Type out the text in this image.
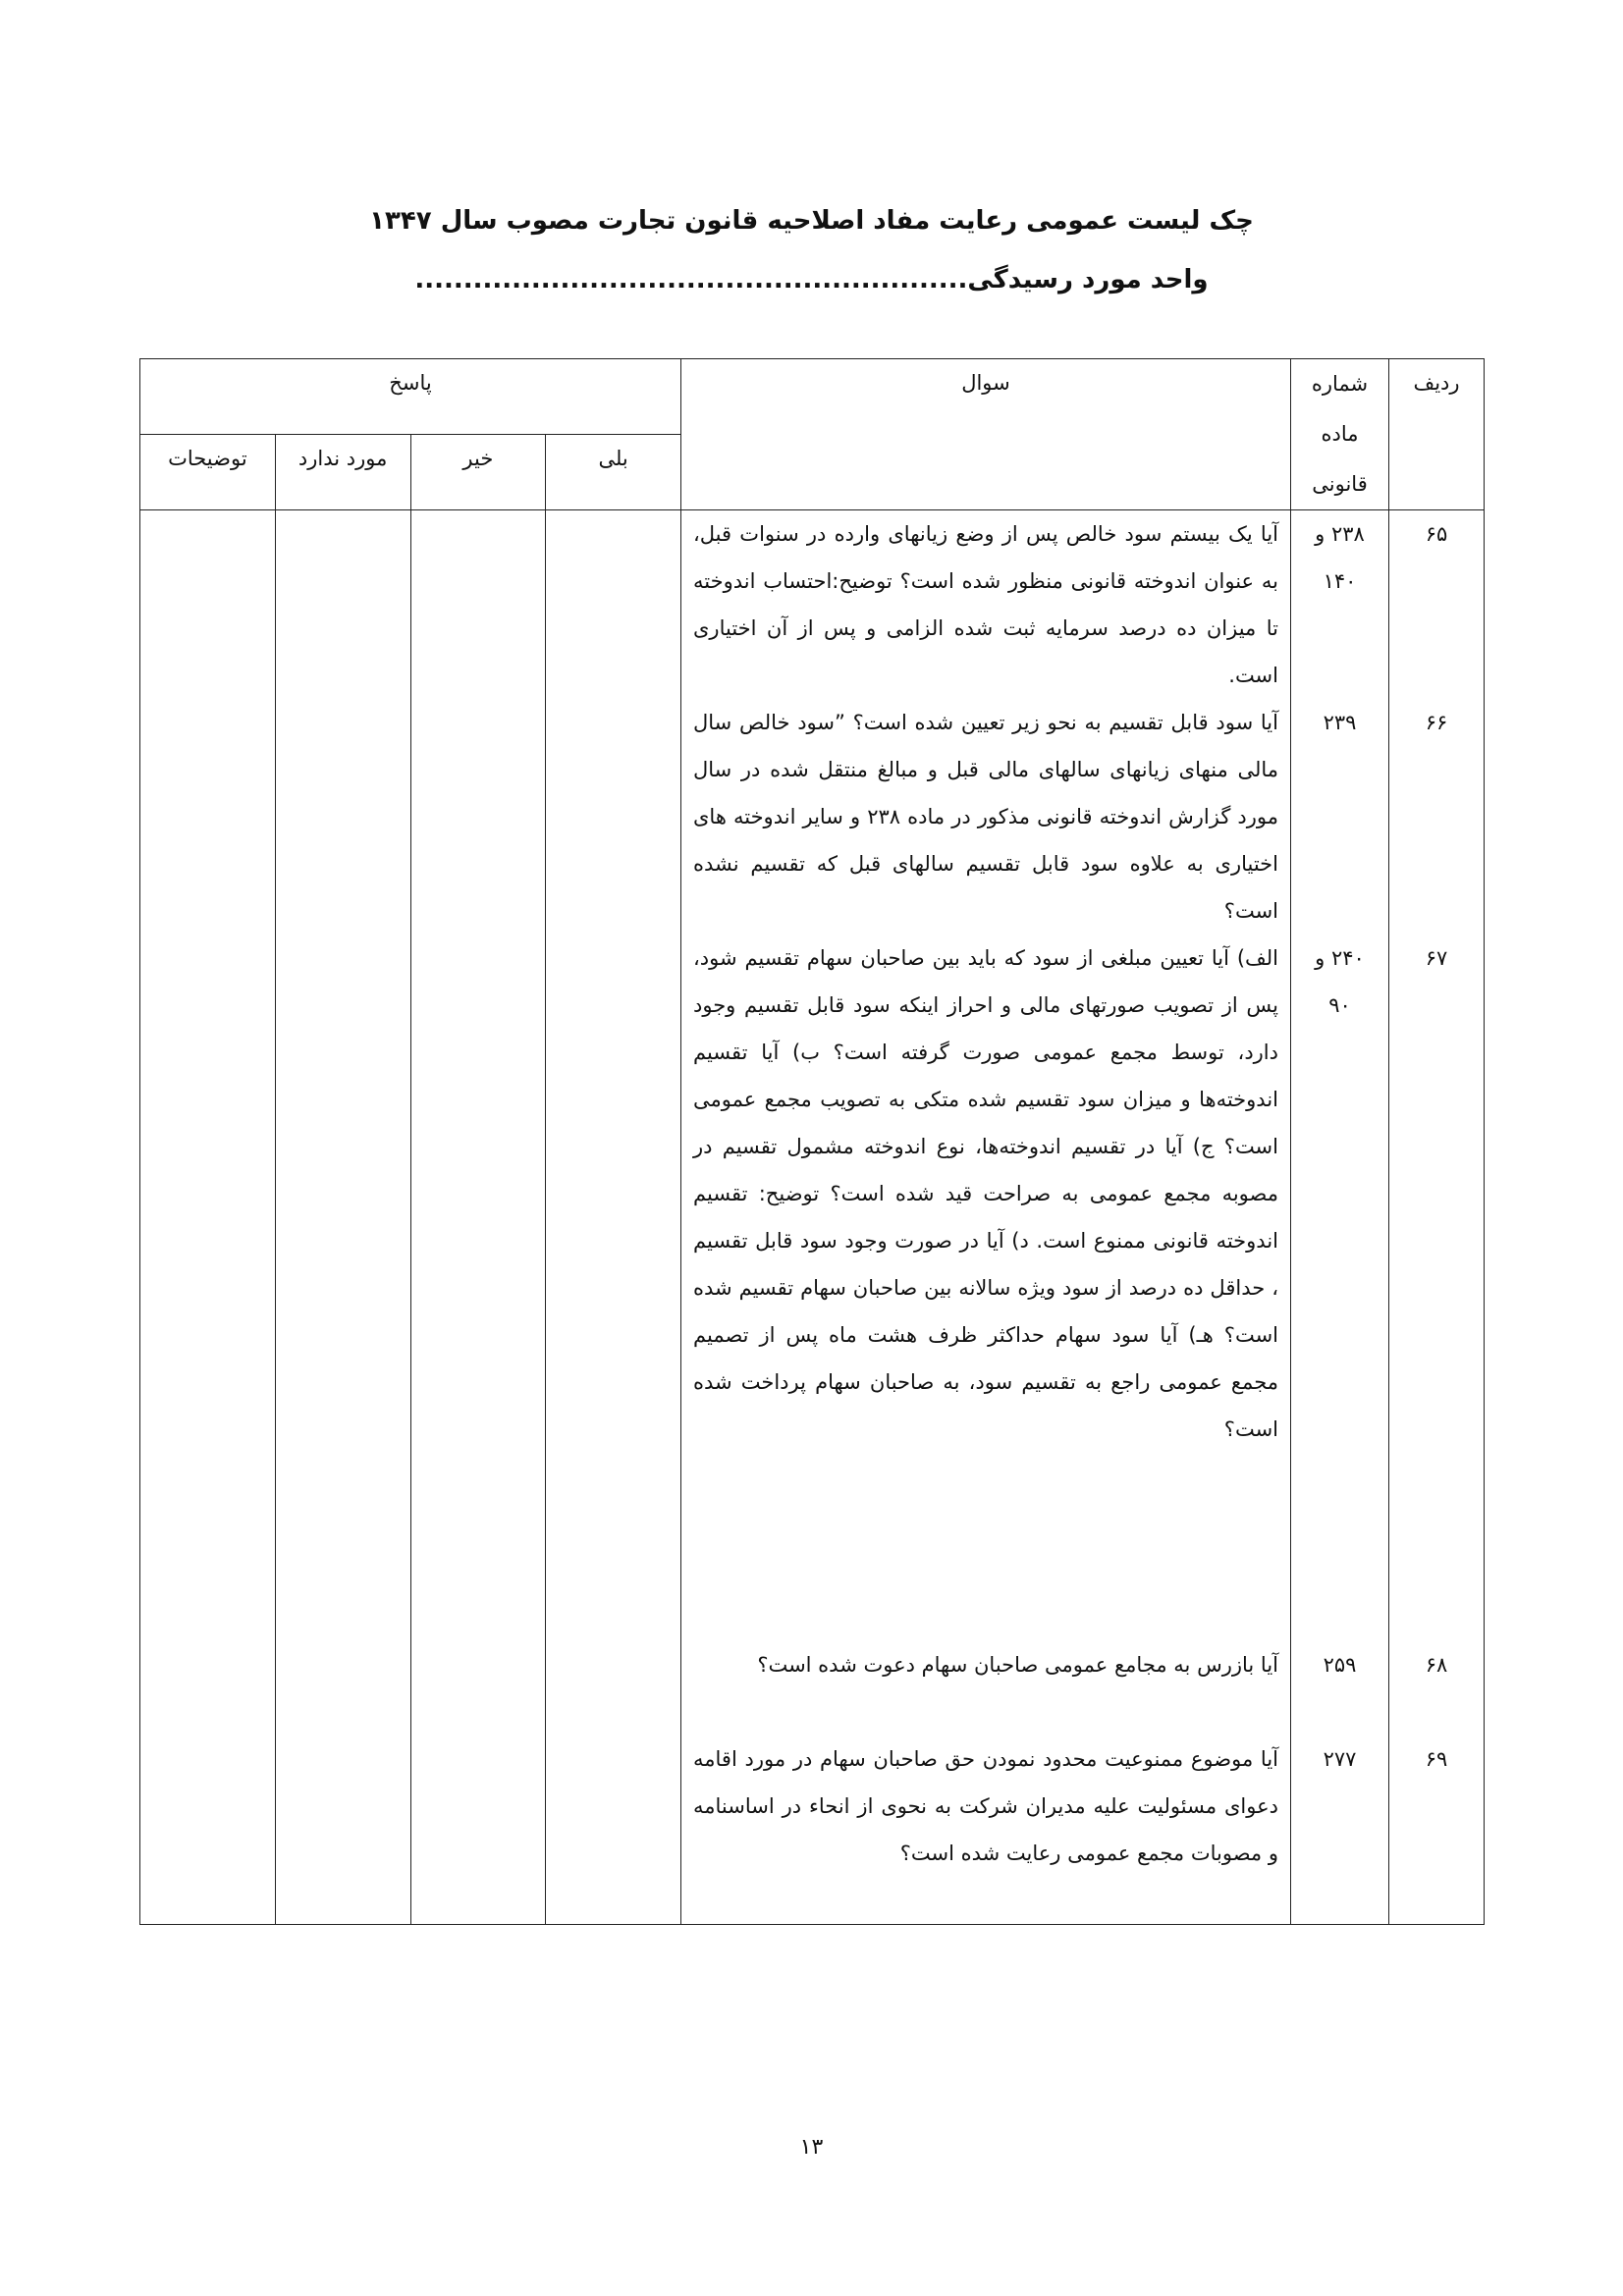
چک لیست عمومی رعایت مفاد اصلاحیه قانون تجارت مصوب سال ۱۳۴۷
واحد مورد رسیدگی.........................................................
ردیف	شماره ماده قانونی	سوال	پاسخ			
			بلی	خیر	مورد ندارد	توضیحات
۶۵	۲۳۸ و ۱۴۰	آیا یک بیستم سود خالص پس از وضع زیانهای وارده در سنوات قبل، به عنوان اندوخته قانونی منظور شده است؟ توضیح:احتساب اندوخته تا میزان ده درصد سرمایه ثبت شده الزامی و پس از آن اختیاری است.				
۶۶	۲۳۹	آیا سود قابل تقسیم به نحو زیر تعیین شده است؟ ”سود خالص سال مالی منهای زیانهای سالهای مالی قبل و مبالغ منتقل شده در سال مورد گزارش اندوخته قانونی مذکور در ماده ۲۳۸ و سایر اندوخته های اختیاری به علاوه سود قابل تقسیم سالهای قبل که تقسیم نشده است؟				
۶۷	۲۴۰ و ۹۰	الف) آیا تعیین مبلغی از سود که باید بین صاحبان سهام تقسیم شود، پس از تصویب صورتهای مالی و احراز اینکه سود قابل تقسیم وجود دارد، توسط مجمع عمومی صورت گرفته است؟ ب) آیا تقسیم اندوخته‌ها و میزان سود تقسیم شده متکی به تصویب مجمع عمومی است؟ ج) آیا در تقسیم اندوخته‌ها، نوع اندوخته مشمول تقسیم در مصوبه مجمع عمومی به صراحت قید شده است؟ توضیح: تقسیم اندوخته قانونی ممنوع است. د) آیا در صورت وجود سود قابل تقسیم ، حداقل ده درصد از سود ویژه سالانه بین صاحبان سهام تقسیم شده است؟ هـ) آیا سود سهام حداکثر ظرف هشت ماه پس از تصمیم مجمع عمومی راجع به تقسیم سود، به صاحبان سهام پرداخت شده است؟				
۶۸	۲۵۹	آیا بازرس به مجامع عمومی صاحبان سهام دعوت شده است؟				
۶۹	۲۷۷	آیا موضوع ممنوعیت محدود نمودن حق صاحبان سهام در مورد اقامه دعوای مسئولیت علیه مدیران شرکت به نحوی از انحاء در اساسنامه و مصوبات مجمع عمومی رعایت شده است؟				
۱۳
